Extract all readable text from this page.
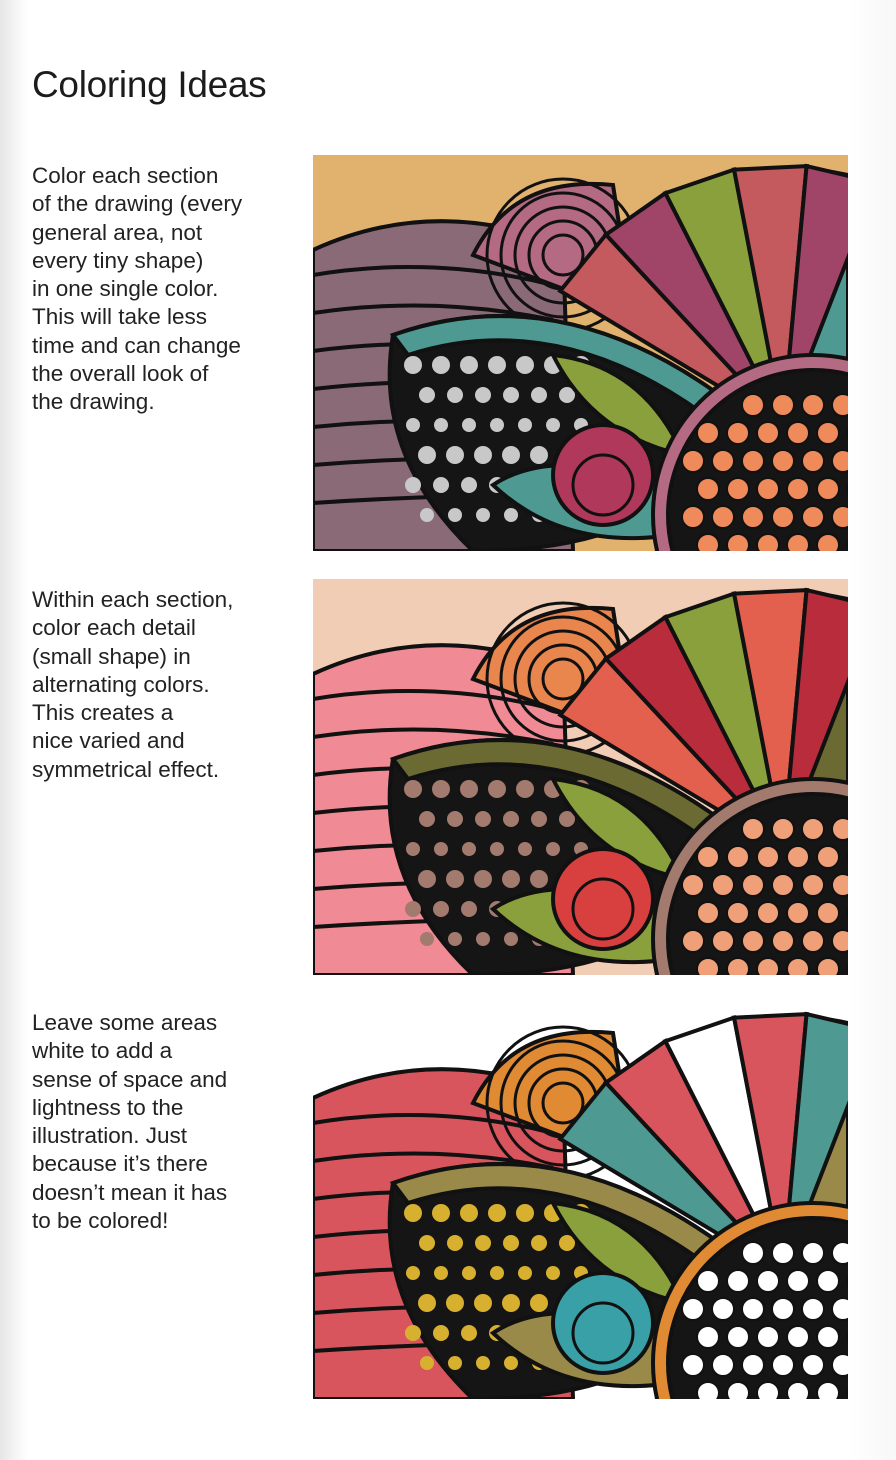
Coloring Ideas
Color each section
of the drawing (every
general area, not
every tiny shape)
in one single color.
This will take less
time and can change
the overall look of
the drawing.
Within each section,
color each detail
(small shape) in
alternating colors.
This creates a
nice varied and
symmetrical effect.
Leave some areas
white to add a
sense of space and
lightness to the
illustration. Just
because it’s there
doesn’t mean it has
to be colored!
